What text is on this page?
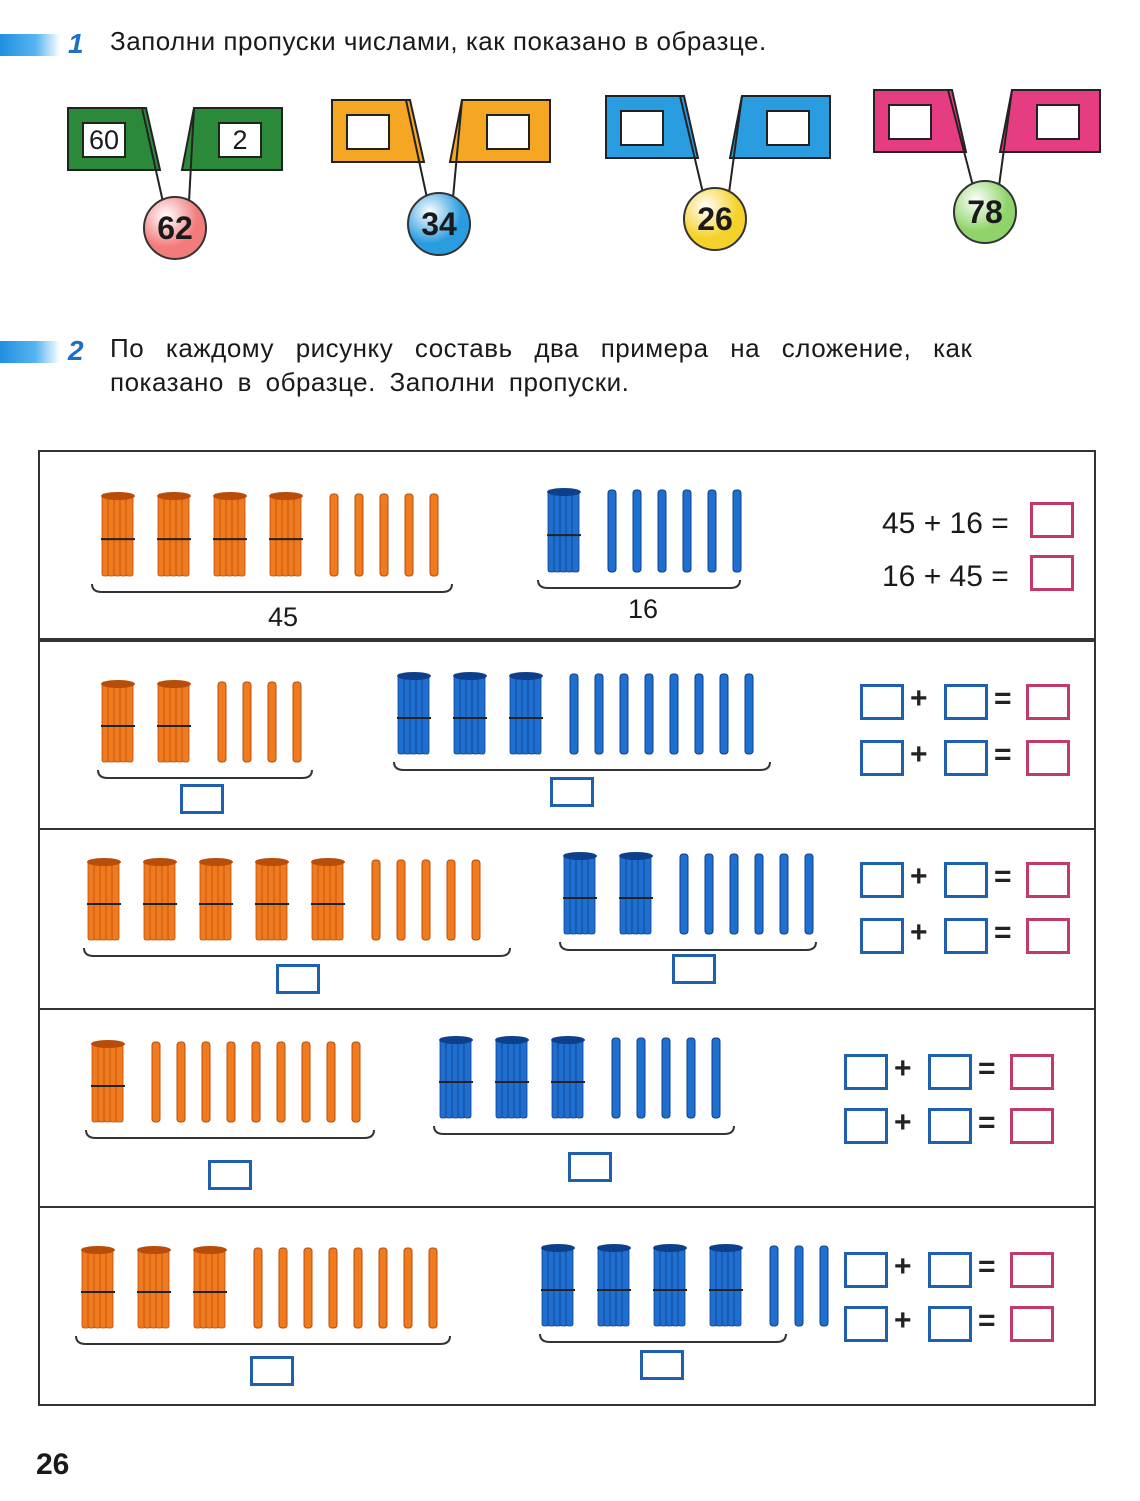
1 Заполни пропуски числами, как показано в образце.
60	2
62	34	26	78
2 По каждому рисунку составь два примера на сложение, как
показано в образце. Заполни пропуски.
45	16
45 + 16 =
16 + 45 =
+ =
+ =
+ =
+ =
+ =
+ =
+ =
+ =
26
